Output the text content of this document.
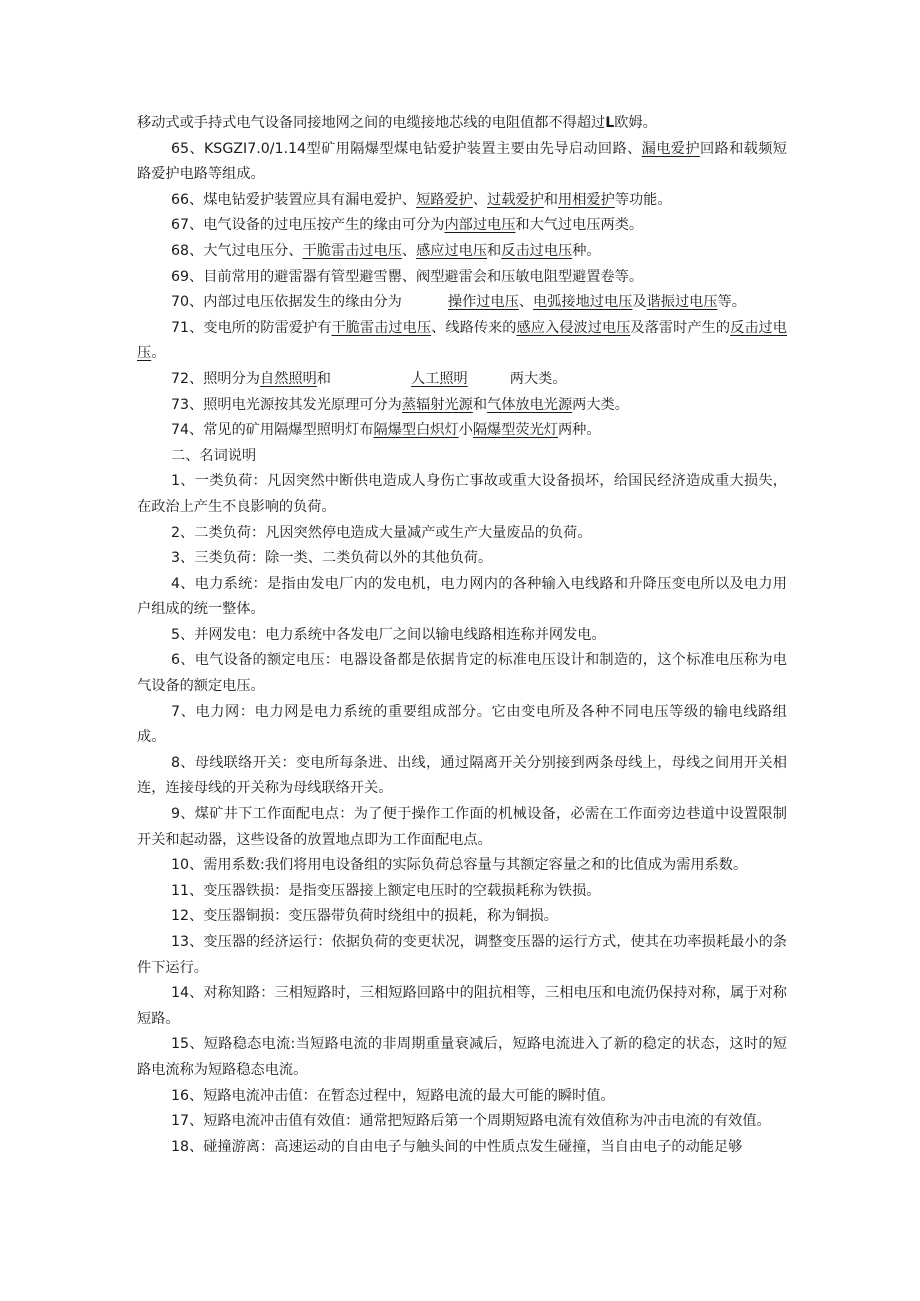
移动式或手持式电气设备同接地网之间的电缆接地芯线的电阻值都不得超过L欧姆。

65、KSGZI7.0/1.14型矿用隔爆型煤电钻爱护装置主要由先导启动回路、漏电爱护回路和载频短路爱护电路等组成。

66、煤电钻爱护装置应具有漏电爱护、短路爱护、过载爱护和用相爱护等功能。

67、电气设备的过电压按产生的缘由可分为内部过电压和大气过电压两类。

68、大气过电压分、干脆雷击过电压、感应过电压和反击过电压种。

69、目前常用的避雷器有管型避雪罌、阀型避雷会和压敏电阻型避置卷等。

70、内部过电压依据发生的缘由分为	操作过电压、电弧接地过电压及谐振过电压等。

71、变电所的防雷爱护有干脆雷击过电压、线路传来的感应入侵波过电压及落雷时产生的反击过电压。

72、照明分为自然照明和	人工照明	两大类。

73、照明电光源按其发光原理可分为蒸辐射光源和气体放电光源两大类。

74、常见的矿用隔爆型照明灯布隔爆型白炽灯小隔爆型荧光灯两种。

二、名词说明

1、一类负荷：凡因突然中断供电造成人身伤亡事故或重大设备损坏，给国民经济造成重大损失，在政治上产生不良影响的负荷。

2、二类负荷：凡因突然停电造成大量减产或生产大量废品的负荷。

3、三类负荷：除一类、二类负荷以外的其他负荷。

4、电力系统：是指由发电厂内的发电机，电力网内的各种输入电线路和升降压变电所以及电力用户组成的统一整体。

5、并网发电：电力系统中各发电厂之间以输电线路相连称并网发电。

6、电气设备的额定电压：电器设备都是依据肯定的标准电压设计和制造的，这个标准电压称为电气设备的额定电压。

7、电力网：电力网是电力系统的重要组成部分。它由变电所及各种不同电压等级的输电线路组成。

8、母线联络开关：变电所每条进、出线，通过隔离开关分别接到两条母线上，母线之间用开关相连，连接母线的开关称为母线联络开关。

9、煤矿井下工作面配电点：为了便于操作工作面的机械设备，必需在工作面旁边巷道中设置限制开关和起动器，这些设备的放置地点即为工作面配电点。

10、需用系数:我们将用电设备组的实际负荷总容量与其额定容量之和的比值成为需用系数。

11、变压器铁损：是指变压器接上额定电压时的空载损耗称为铁损。

12、变压器铜损：变压器带负荷时绕组中的损耗，称为铜损。

13、变压器的经济运行：依据负荷的变更状况，调整变压器的运行方式，使其在功率损耗最小的条件下运行。

14、对称知路：三相短路时，三相短路回路中的阻抗相等，三相电压和电流仍保持对称，属于对称短路。

15、短路稳态电流:当短路电流的非周期重量衰减后，短路电流进入了新的稳定的状态，这时的短路电流称为短路稳态电流。

16、短路电流冲击值：在暂态过程中，短路电流的最大可能的瞬时值。

17、短路电流冲击值有效值：通常把短路后第一个周期短路电流有效值称为冲击电流的有效值。

18、碰撞游离：高速运动的自由电子与触头间的中性质点发生碰撞，当自由电子的动能足够
